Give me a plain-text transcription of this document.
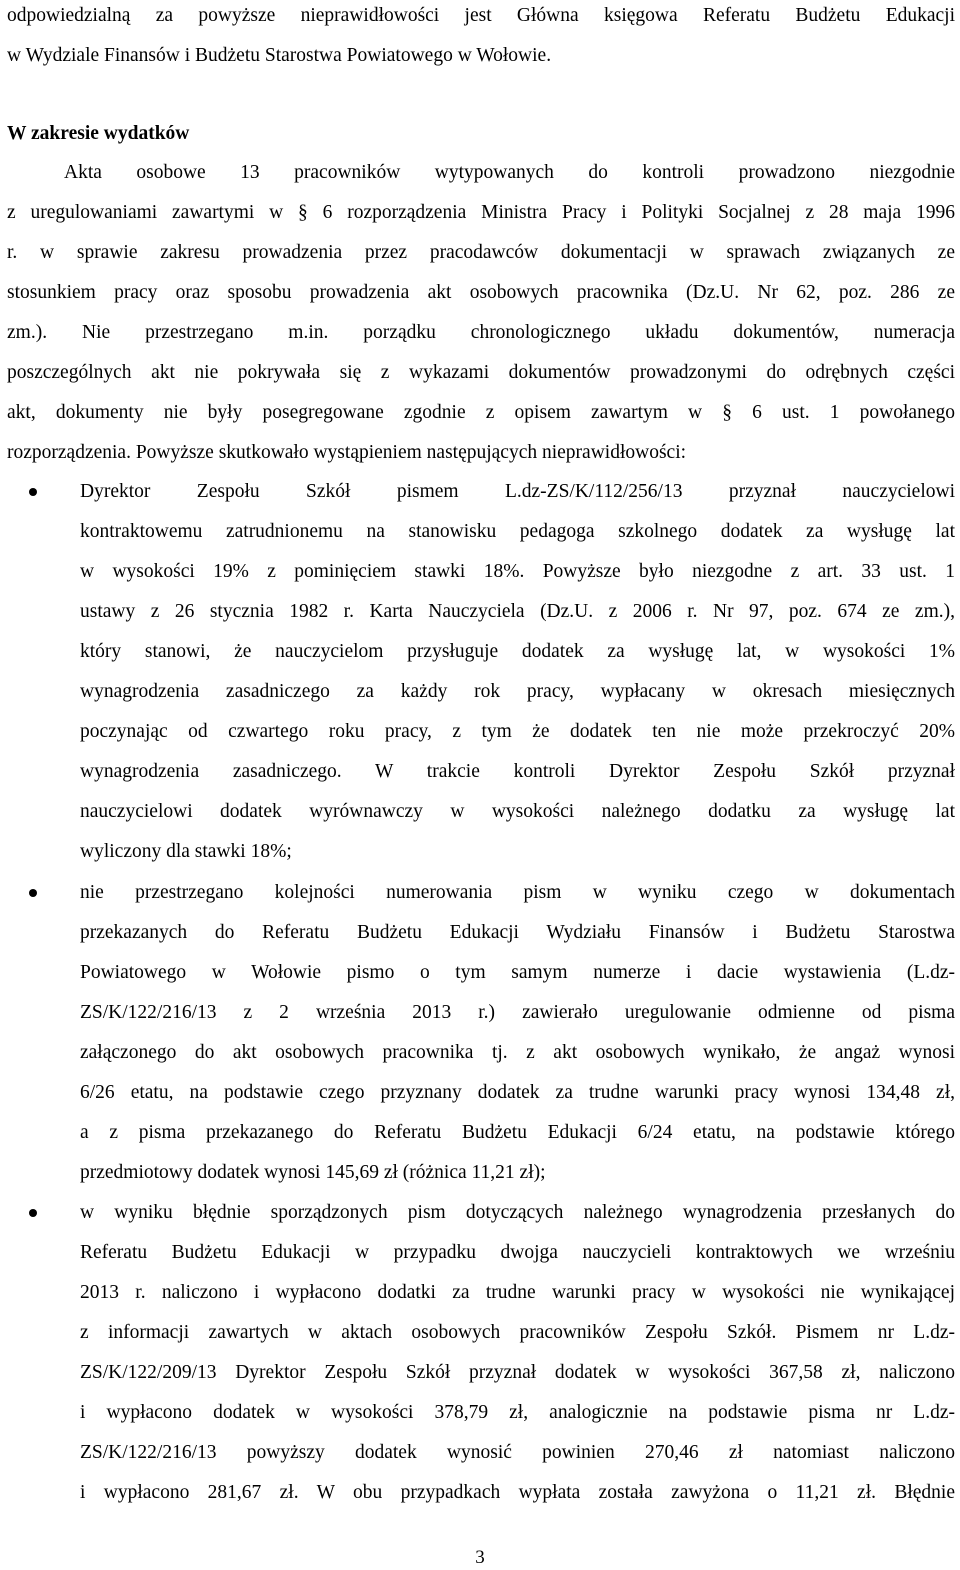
odpowiedzialną za powyższe nieprawidłowości jest Główna księgowa Referatu Budżetu Edukacji
w Wydziale Finansów i Budżetu Starostwa Powiatowego w Wołowie.
W zakresie wydatków
Akta osobowe 13 pracowników wytypowanych do kontroli prowadzono niezgodnie
z uregulowaniami zawartymi w § 6 rozporządzenia Ministra Pracy i Polityki Socjalnej z 28 maja 1996
r. w sprawie zakresu prowadzenia przez pracodawców dokumentacji w sprawach związanych ze
stosunkiem pracy oraz sposobu prowadzenia akt osobowych pracownika (Dz.U. Nr 62, poz. 286 ze
zm.). Nie przestrzegano m.in. porządku chronologicznego układu dokumentów, numeracja
poszczególnych akt nie pokrywała się z wykazami dokumentów prowadzonymi do odrębnych części
akt, dokumenty nie były posegregowane zgodnie z opisem zawartym w § 6 ust. 1 powołanego
rozporządzenia. Powyższe skutkowało wystąpieniem następujących nieprawidłowości:
Dyrektor Zespołu Szkół pismem L.dz-ZS/K/112/256/13 przyznał nauczycielowi
kontraktowemu zatrudnionemu na stanowisku pedagoga szkolnego dodatek za wysługę lat
w wysokości 19% z pominięciem stawki 18%. Powyższe było niezgodne z art. 33 ust. 1
ustawy z 26 stycznia 1982 r. Karta Nauczyciela (Dz.U. z 2006 r. Nr 97, poz. 674 ze zm.),
który stanowi, że nauczycielom przysługuje dodatek za wysługę lat, w wysokości 1%
wynagrodzenia zasadniczego za każdy rok pracy, wypłacany w okresach miesięcznych
poczynając od czwartego roku pracy, z tym że dodatek ten nie może przekroczyć 20%
wynagrodzenia zasadniczego. W trakcie kontroli Dyrektor Zespołu Szkół przyznał
nauczycielowi dodatek wyrównawczy w wysokości należnego dodatku za wysługę lat
wyliczony dla stawki 18%;
nie przestrzegano kolejności numerowania pism w wyniku czego w dokumentach
przekazanych do Referatu Budżetu Edukacji Wydziału Finansów i Budżetu Starostwa
Powiatowego w Wołowie pismo o tym samym numerze i dacie wystawienia (L.dz-
ZS/K/122/216/13 z 2 września 2013 r.) zawierało uregulowanie odmienne od pisma
załączonego do akt osobowych pracownika tj. z akt osobowych wynikało, że angaż wynosi
6/26 etatu, na podstawie czego przyznany dodatek za trudne warunki pracy wynosi 134,48 zł,
a z pisma przekazanego do Referatu Budżetu Edukacji 6/24 etatu, na podstawie którego
przedmiotowy dodatek wynosi 145,69 zł (różnica 11,21 zł);
w wyniku błędnie sporządzonych pism dotyczących należnego wynagrodzenia przesłanych do
Referatu Budżetu Edukacji w przypadku dwojga nauczycieli kontraktowych we wrześniu
2013 r. naliczono i wypłacono dodatki za trudne warunki pracy w wysokości nie wynikającej
z informacji zawartych w aktach osobowych pracowników Zespołu Szkół. Pismem nr L.dz-
ZS/K/122/209/13 Dyrektor Zespołu Szkół przyznał dodatek w wysokości 367,58 zł, naliczono
i wypłacono dodatek w wysokości 378,79 zł, analogicznie na podstawie pisma nr L.dz-
ZS/K/122/216/13 powyższy dodatek wynosić powinien 270,46 zł natomiast naliczono
i wypłacono 281,67 zł. W obu przypadkach wypłata została zawyżona o 11,21 zł. Błędnie
3
